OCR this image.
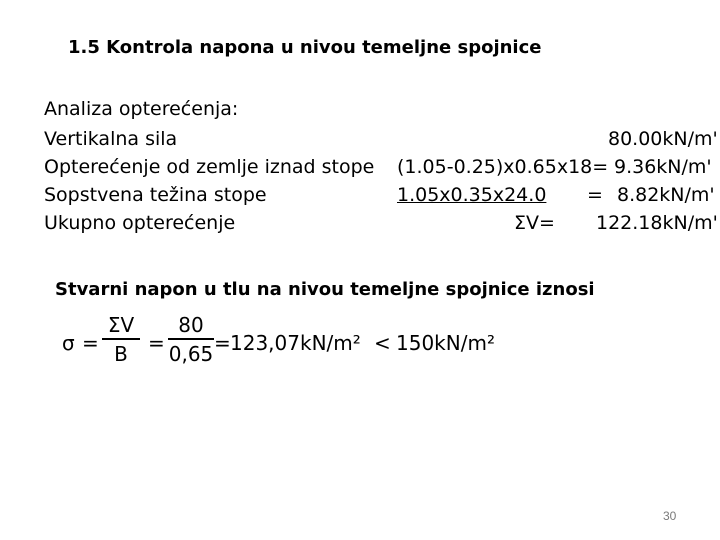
1.5 Kontrola napona u nivou temeljne spojnice
Analiza opterećenja:
Vertikalna sila	80.00kN/m'
Opterećenje od zemlje iznad stope (1.05-0.25)x0.65x18= 9.36kN/m'
Sopstvena težina stope	1.05x0.35x24.0 = 8.82kN/m'
Ukupno opterećenje	ΣV= 122.18kN/m'
Stvarni napon u tlu na nivou temeljne spojnice iznosi
σ =
ΣV
B =
80
0,65 = 123,07kN/m² < 150kN/m²
30
